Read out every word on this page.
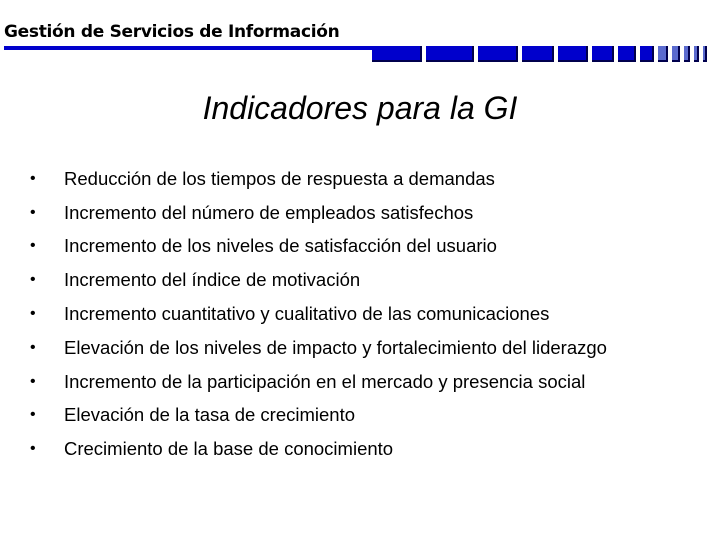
Gestión de Servicios de Información
Indicadores para la GI
•	Reducción de los tiempos de respuesta a demandas
•	Incremento del número de empleados satisfechos
•	Incremento de los niveles de satisfacción del usuario
•	Incremento del índice de motivación
•	Incremento cuantitativo y cualitativo de las comunicaciones
•	Elevación de los niveles de impacto y fortalecimiento del liderazgo
•	Incremento de la participación en el mercado y presencia social
•	Elevación de la tasa de crecimiento
•	Crecimiento de la base de conocimiento
